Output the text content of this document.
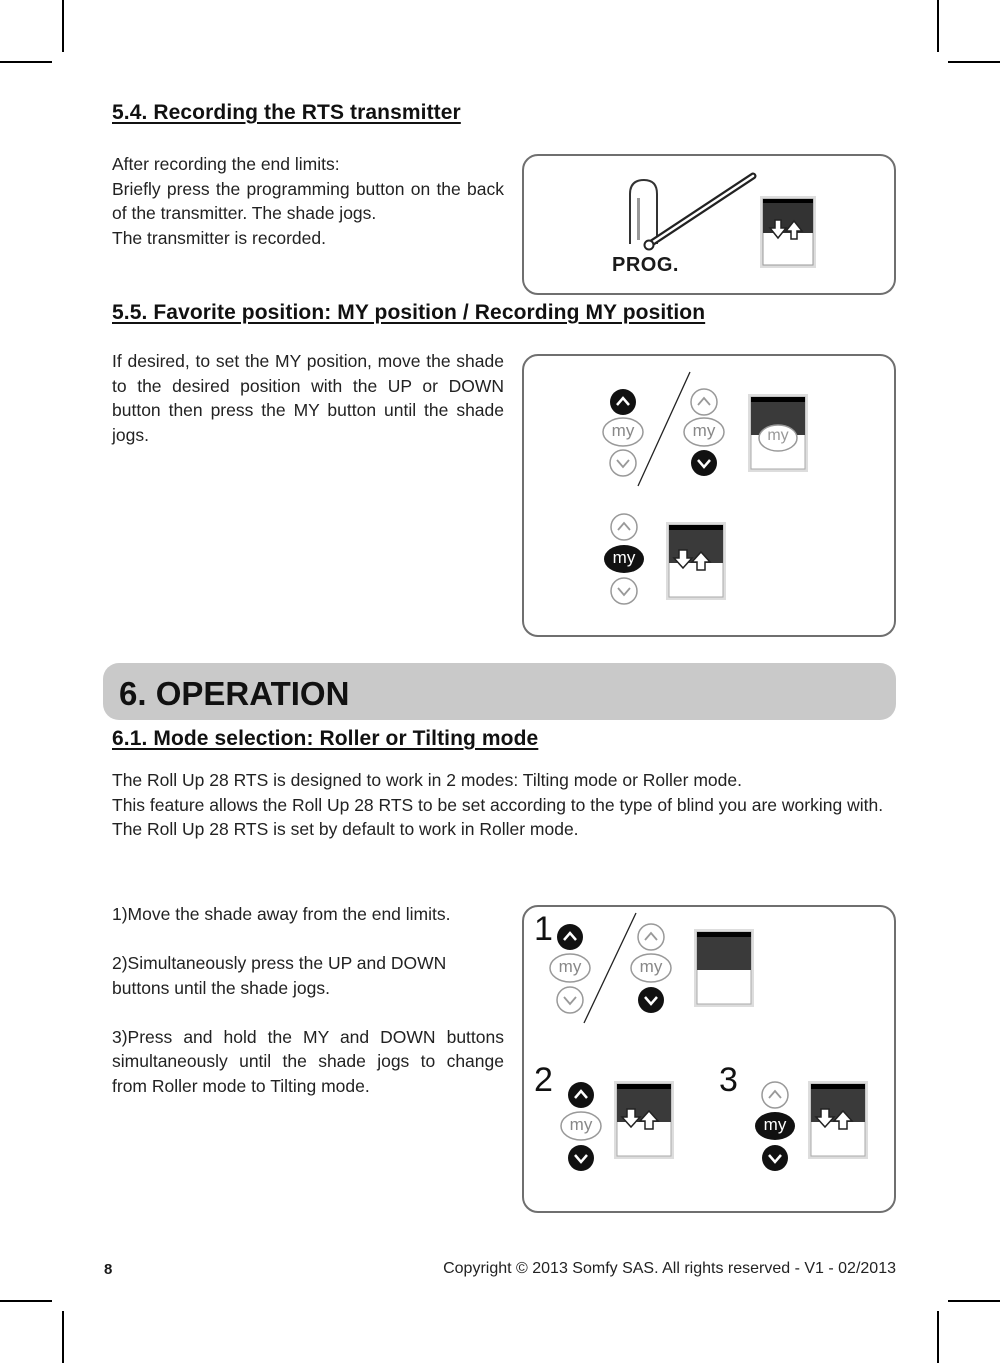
5.4. Recording the RTS transmitter
After recording the end limits:
Briefly press the programming button on the back of the transmitter. The shade jogs.
The transmitter is recorded.
PROG.
5.5. Favorite position: MY position / Recording MY position
If desired, to set the MY position, move the shade to the desired position with the UP or DOWN button then press the MY button until the shade jogs.	my	my	my
my
6. OPERATION
6.1. Mode selection: Roller or Tilting mode

The Roll Up 28 RTS is designed to work in 2 modes: Tilting mode or Roller mode.

This feature allows the Roll Up 28 RTS to be set according to the type of blind you are working with.

The Roll Up 28 RTS is set by default to work in Roller mode.

1)Move the shade away from the end limits.
2)Simultaneously press the UP and DOWN buttons until the shade jogs.
3)Press and hold the MY and DOWN buttons simultaneously until the shade jogs to change from Roller mode to Tilting mode.
1
2	3
my	my
my	my
8	Copyright © 2013 Somfy SAS. All rights reserved - V1 - 02/2013
